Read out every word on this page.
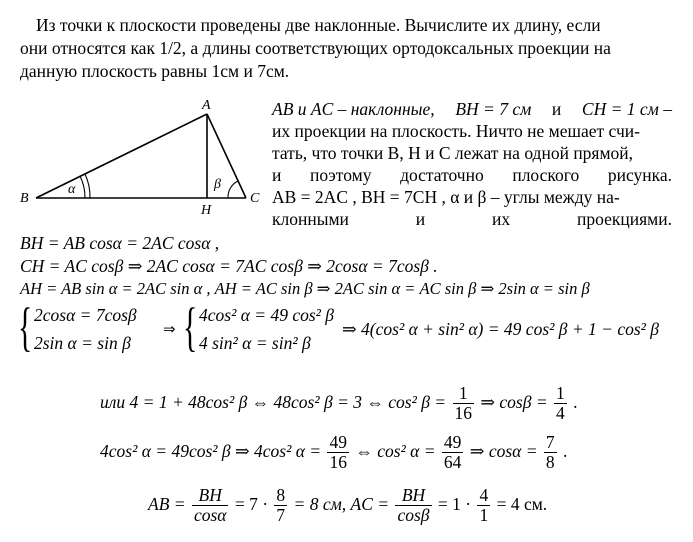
Из точки к плоскости проведены две наклонные. Вычислите их длину, если
они относятся как 1/2, а длины соответствующих ортодоксальных проекции на
данную плоскость равны 1см и 7см.
A
B	C
H
α	β
AB и AC – наклонные, BH = 7 см и CH = 1 см –
их проекции на плоскость. Ничто не мешает счи-
тать, что точки B, H и C лежат на одной прямой,
и поэтому достаточно плоского рисунка.
AB = 2AC , BH = 7CH , α и β – углы между на-
клонными	и	их	проекциями.
BH = AB cosα = 2AC cosα ,
CH = AC cosβ ⇒ 2AC cosα = 7AC cosβ ⇒ 2cosα = 7cosβ .
AH = AB sin α = 2AC sin α , AH = AC sin β ⇒ 2AC sin α = AC sin β ⇒ 2sin α = sin β
{ 2cosα = 7cosβ
2sin α = sin β
⇒ { 4cos² α = 49 cos² β
4 sin² α = sin² β
⇒ 4(cos² α + sin² α) = 49 cos² β + 1 − cos² β
или 4 = 1 + 48cos² β ⇔ 48cos² β = 3 ⇔ cos² $\beta = \frac{1}{16}$ ⇒ $\cos\beta = \frac{1}{4}$ .
4cos² α = 49cos² β ⇒ 4cos² $\alpha = \frac{49}{16}$ ⇔ cos² $\alpha = \frac{49}{64}$ ⇒ $\cos\alpha = \frac{7}{8}$ .
AB = $\frac{BH}{\cos\alpha} = 7 \cdot \frac{8}{7} = 8$ см, AC = $\frac{BH}{\cos\beta} = 1 \cdot \frac{4}{1} = 4$ см.
